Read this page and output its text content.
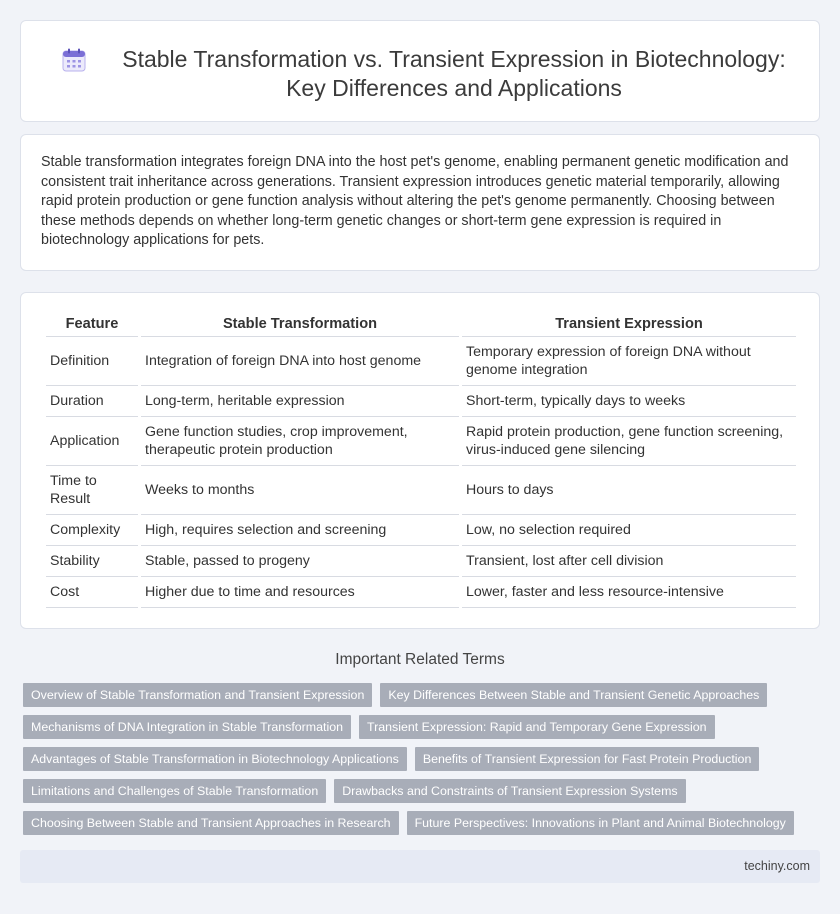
Stable Transformation vs. Transient Expression in Biotechnology: Key Differences and Applications

Stable transformation integrates foreign DNA into the host pet's genome, enabling permanent genetic modification and consistent trait inheritance across generations. Transient expression introduces genetic material temporarily, allowing rapid protein production or gene function analysis without altering the pet's genome permanently. Choosing between these methods depends on whether long-term genetic changes or short-term gene expression is required in biotechnology applications for pets.

Feature	Stable Transformation	Transient Expression
Definition	Integration of foreign DNA into host genome	Temporary expression of foreign DNA without genome integration
Duration	Long-term, heritable expression	Short-term, typically days to weeks
Application	Gene function studies, crop improvement, therapeutic protein production	Rapid protein production, gene function screening, virus-induced gene silencing
Time to Result	Weeks to months	Hours to days
Complexity	High, requires selection and screening	Low, no selection required
Stability	Stable, passed to progeny	Transient, lost after cell division
Cost	Higher due to time and resources	Lower, faster and less resource-intensive
Important Related Terms
Overview of Stable Transformation and Transient Expression	Key Differences Between Stable and Transient Genetic Approaches
Mechanisms of DNA Integration in Stable Transformation	Transient Expression: Rapid and Temporary Gene Expression
Advantages of Stable Transformation in Biotechnology Applications	Benefits of Transient Expression for Fast Protein Production
Limitations and Challenges of Stable Transformation	Drawbacks and Constraints of Transient Expression Systems
Choosing Between Stable and Transient Approaches in Research	Future Perspectives: Innovations in Plant and Animal Biotechnology
techiny.com
